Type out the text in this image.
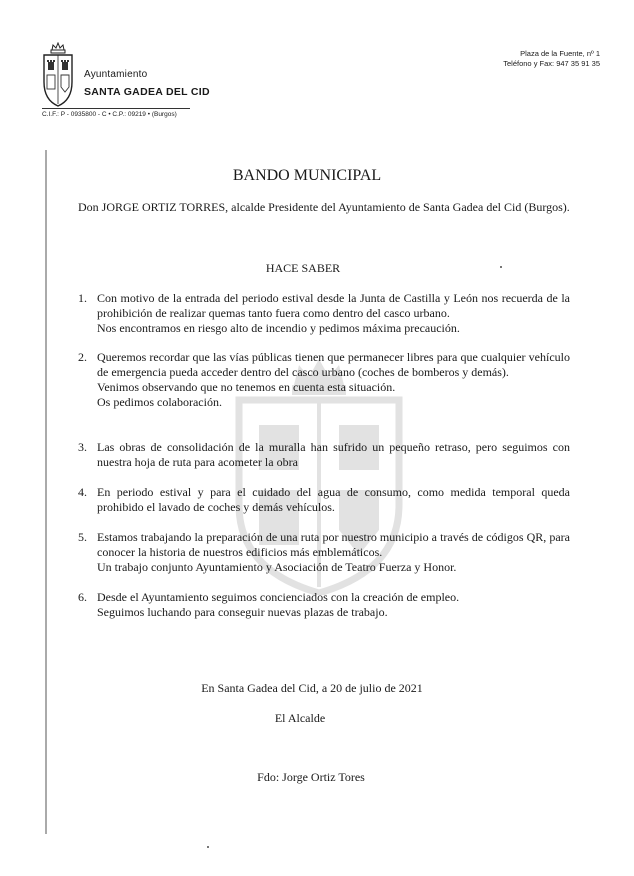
Ayuntamiento
SANTA GADEA DEL CID
C.I.F.: P - 0935800 - C • C.P.: 09219 • (Burgos)
Plaza de la Fuente, nº 1
Teléfono y Fax: 947 35 91 35
BANDO MUNICIPAL
Don JORGE ORTIZ TORRES, alcalde Presidente del Ayuntamiento de Santa Gadea del Cid (Burgos).
HACE SABER
1. Con motivo de la entrada del periodo estival desde la Junta de Castilla y León nos recuerda de la prohibición de realizar quemas tanto fuera como dentro del casco urbano.
Nos encontramos en riesgo alto de incendio y pedimos máxima precaución.
2. Queremos recordar que las vías públicas tienen que permanecer libres para que cualquier vehículo de emergencia pueda acceder dentro del casco urbano (coches de bomberos y demás).
Venimos observando que no tenemos en cuenta esta situación.
Os pedimos colaboración.
3. Las obras de consolidación de la muralla han sufrido un pequeño retraso, pero seguimos con nuestra hoja de ruta para acometer la obra
4. En periodo estival y para el cuidado del agua de consumo, como medida temporal queda prohibido el lavado de coches y demás vehículos.
5. Estamos trabajando la preparación de una ruta por nuestro municipio a través de códigos QR, para conocer la historia de nuestros edificios más emblemáticos.
Un trabajo conjunto Ayuntamiento y Asociación de Teatro Fuerza y Honor.
6. Desde el Ayuntamiento seguimos concienciados con la creación de empleo.
Seguimos luchando para conseguir nuevas plazas de trabajo.
En Santa Gadea del Cid, a 20 de julio de 2021
El Alcalde
Fdo: Jorge Ortiz Tores
